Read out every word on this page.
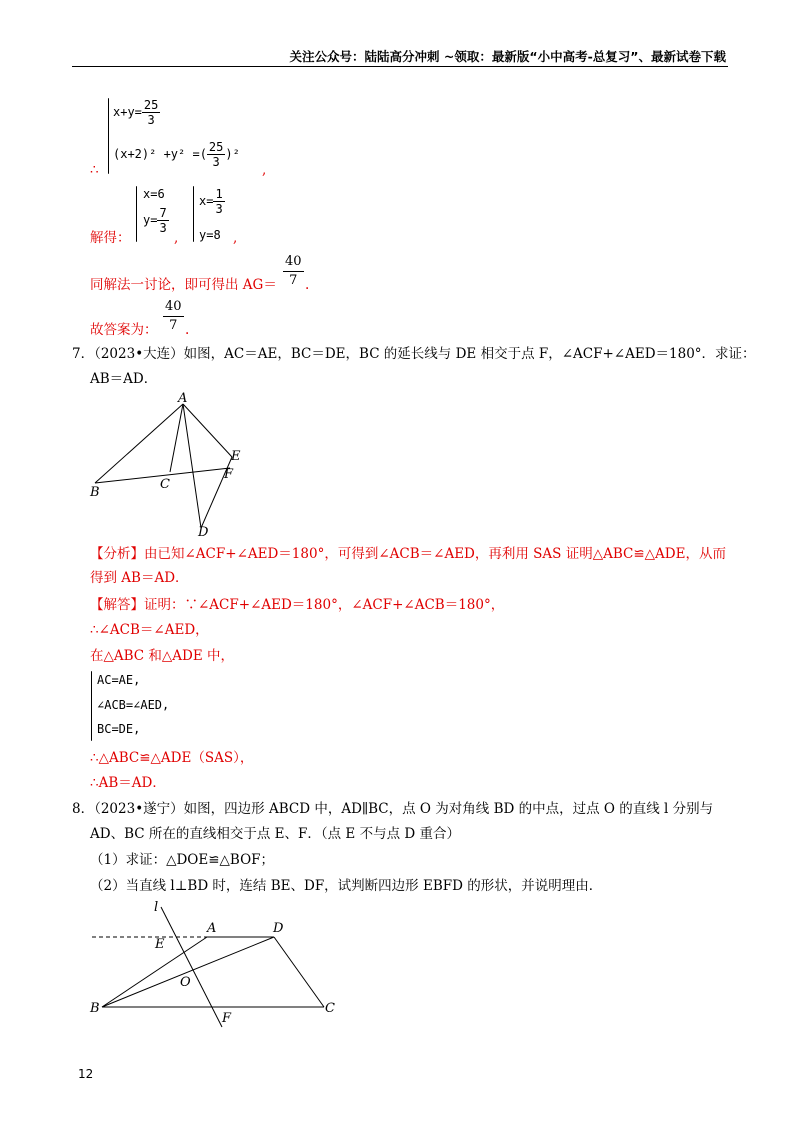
关注公众号：陆陆高分冲刺 ~领取：最新版“小中高考-总复习”、最新试卷下载
$x+y= \frac{25}{3}$
(x+2)² +y² =( $\frac{25}{3} )^2$
∴	,
解得：
x=6
$y= \frac{7}{3}$
,
$x= \frac{1}{3}$
y=8 ,
同解法一讨论，即可得出 $AG= \frac{40}{7}$ .
故答案为： $\frac{40}{7}$ .
7．（2023•大连）如图，AC＝AE，BC＝DE，BC 的延长线与 DE 相交于点 F，∠ACF+∠AED＝180°．求证：
AB＝AD．
A
B
C
D
E
F
【分析】由已知∠ACF+∠AED＝180°，可得到∠ACB＝∠AED，再利用 SAS 证明△ABC≌△ADE，从而
得到 AB＝AD．
【解答】证明：∵∠ACF+∠AED＝180°，∠ACF+∠ACB＝180°，
∴∠ACB＝∠AED，
在△ABC 和△ADE 中，
AC=AE,
∠ACB=∠AED,
BC=DE,
∴△ABC≌△ADE（SAS），
∴AB＝AD．
8．（2023•遂宁）如图，四边形 ABCD 中，AD∥BC，点 O 为对角线 BD 的中点，过点 O 的直线 l 分别与
AD、BC 所在的直线相交于点 E、F．（点 E 不与点 D 重合）
（1）求证：△DOE≌△BOF；
（2）当直线 l⊥BD 时，连结 BE、DF，试判断四边形 EBFD 的形状，并说明理由．
l
A	D
E
O
B
F
C
12
